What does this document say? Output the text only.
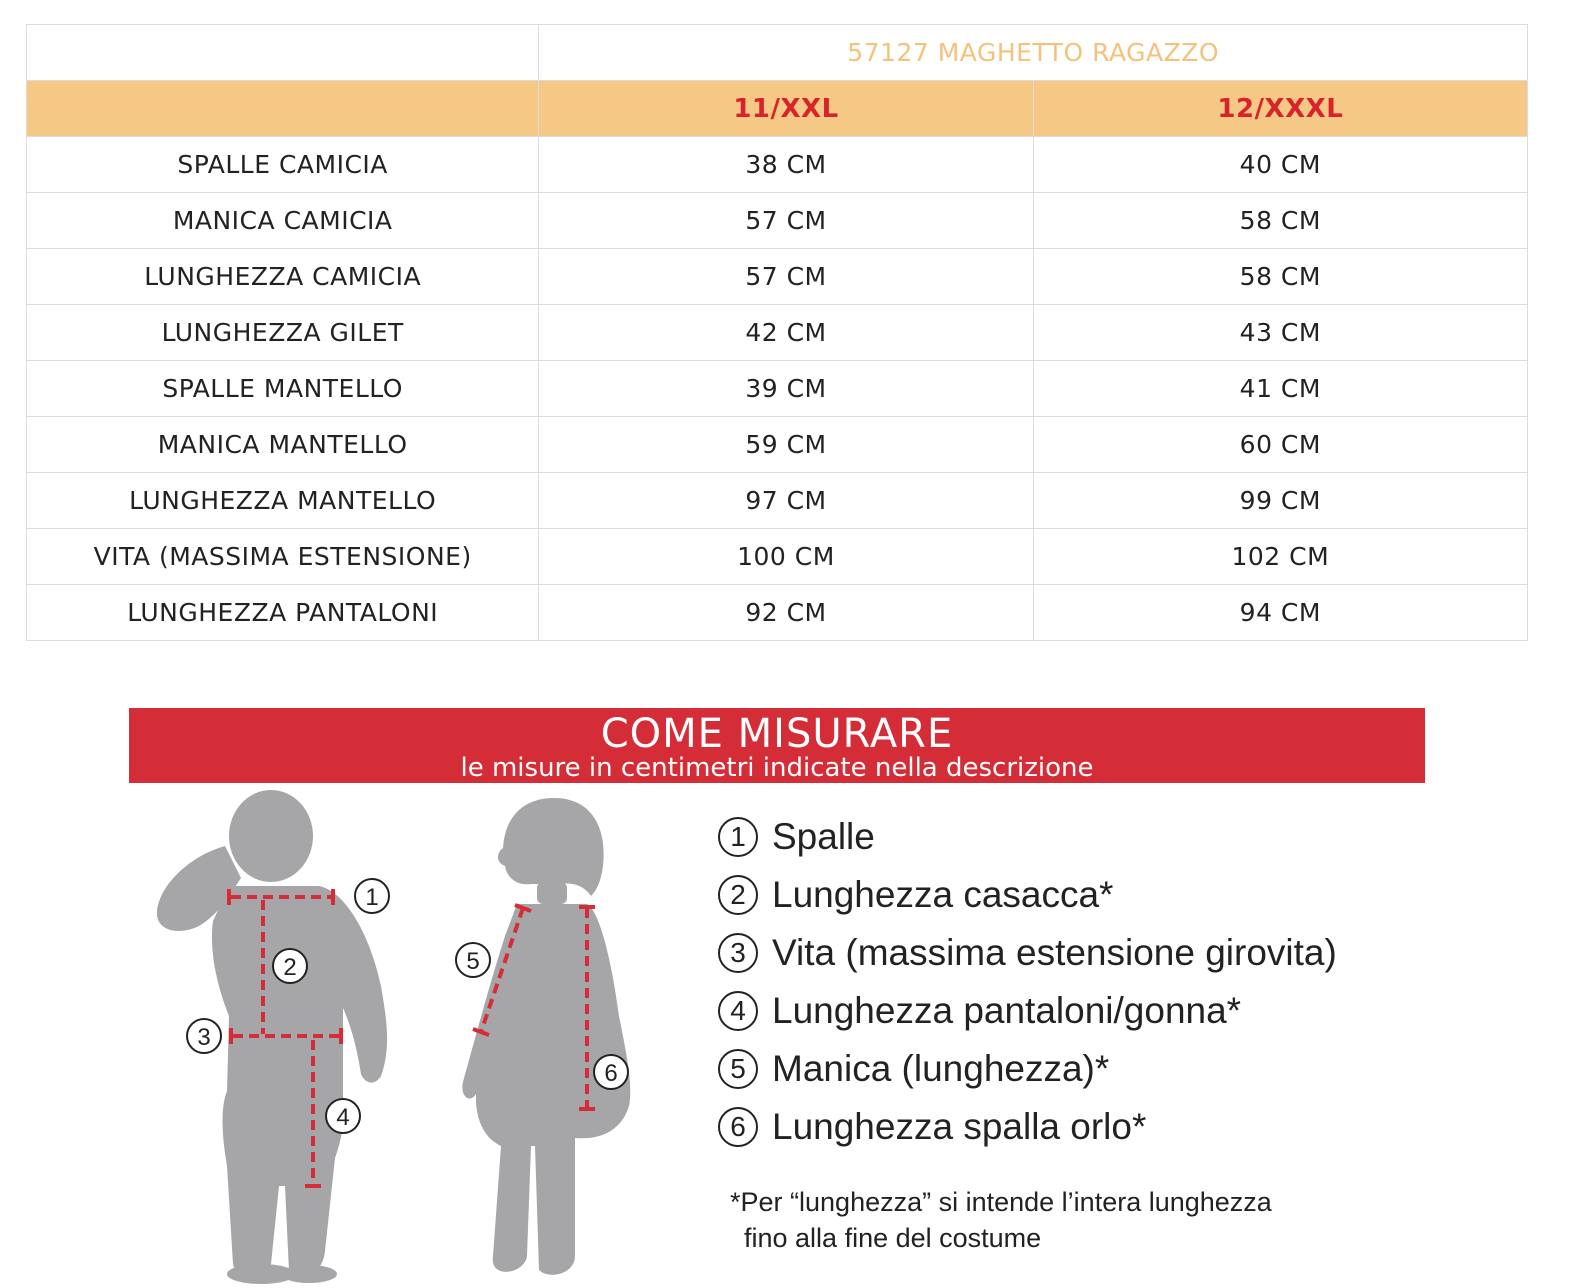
	57127 MAGHETTO RAGAZZO	
	11/XXL	12/XXXL
SPALLE CAMICIA	38 CM	40 CM
MANICA CAMICIA	57 CM	58 CM
LUNGHEZZA CAMICIA	57 CM	58 CM
LUNGHEZZA GILET	42 CM	43 CM
SPALLE MANTELLO	39 CM	41 CM
MANICA MANTELLO	59 CM	60 CM
LUNGHEZZA MANTELLO	97 CM	99 CM
VITA (MASSIMA ESTENSIONE)	100 CM	102 CM
LUNGHEZZA PANTALONI	92 CM	94 CM
COME MISURARE
le misure in centimetri indicate nella descrizione
1
2
3
4
5
6
1 Spalle
2 Lunghezza casacca*
3 Vita (massima estensione girovita)
4 Lunghezza pantaloni/gonna*
5 Manica (lunghezza)*
6 Lunghezza spalla orlo*
*Per “lunghezza” si intende l’intera lunghezza
fino alla fine del costume
